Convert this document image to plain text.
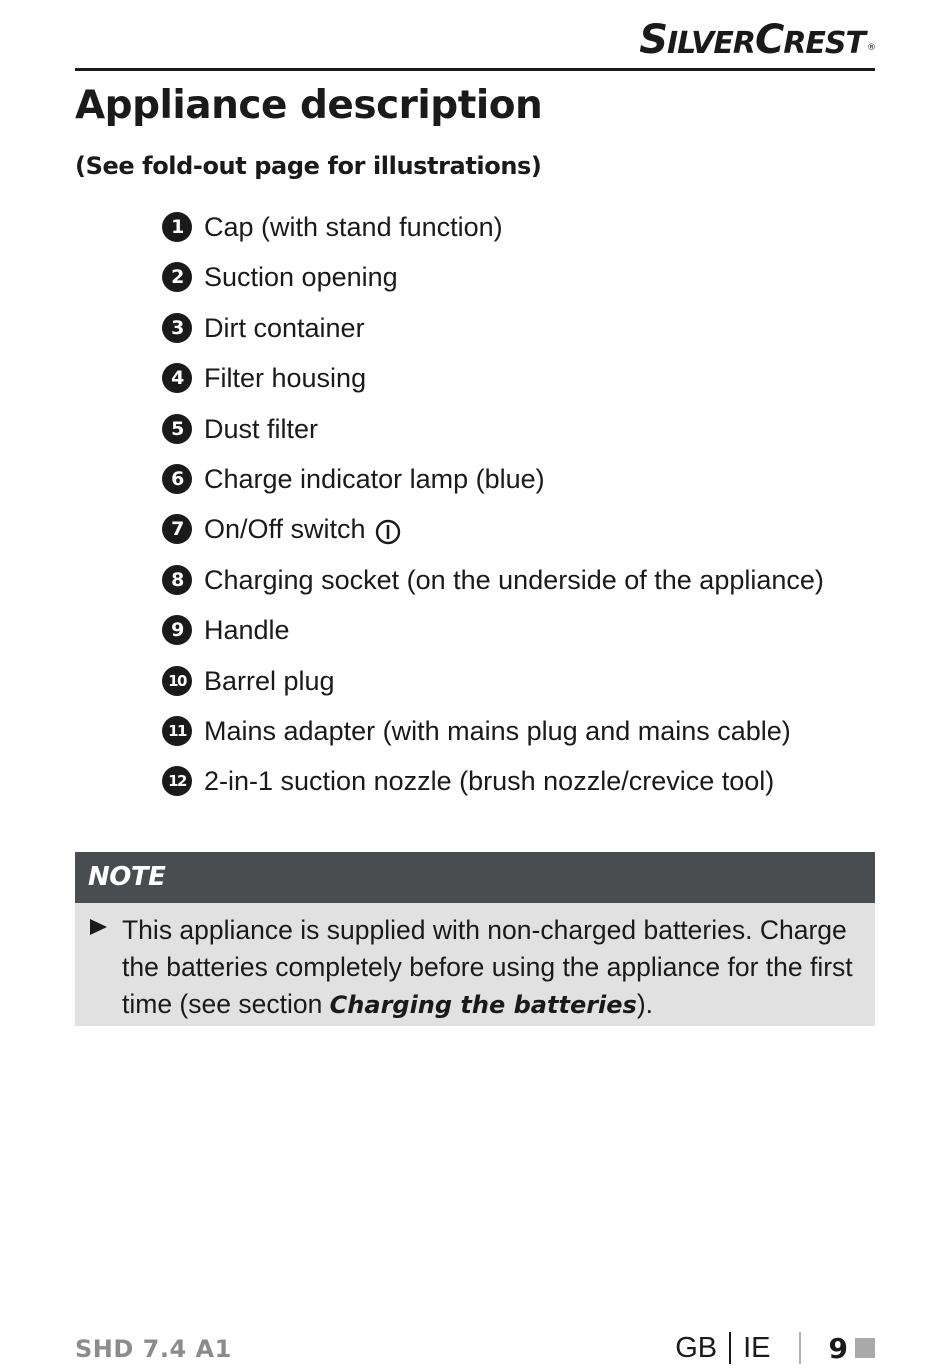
SILVERCREST ®
Appliance description
(See fold-out page for illustrations)
1 Cap (with stand function)
2 Suction opening
3 Dirt container
4 Filter housing
5 Dust filter
6 Charge indicator lamp (blue)
7 On/Off switch
8 Charging socket (on the underside of the appliance)
9 Handle
10 Barrel plug
11 Mains adapter (with mains plug and mains cable)
12 2-in-1 suction nozzle (brush nozzle/crevice tool)
NOTE
This appliance is supplied with non-charged batteries. Charge the batteries completely before using the appliance for the first time (see section Charging the batteries).
SHD 7.4 A1	GB IE 9
